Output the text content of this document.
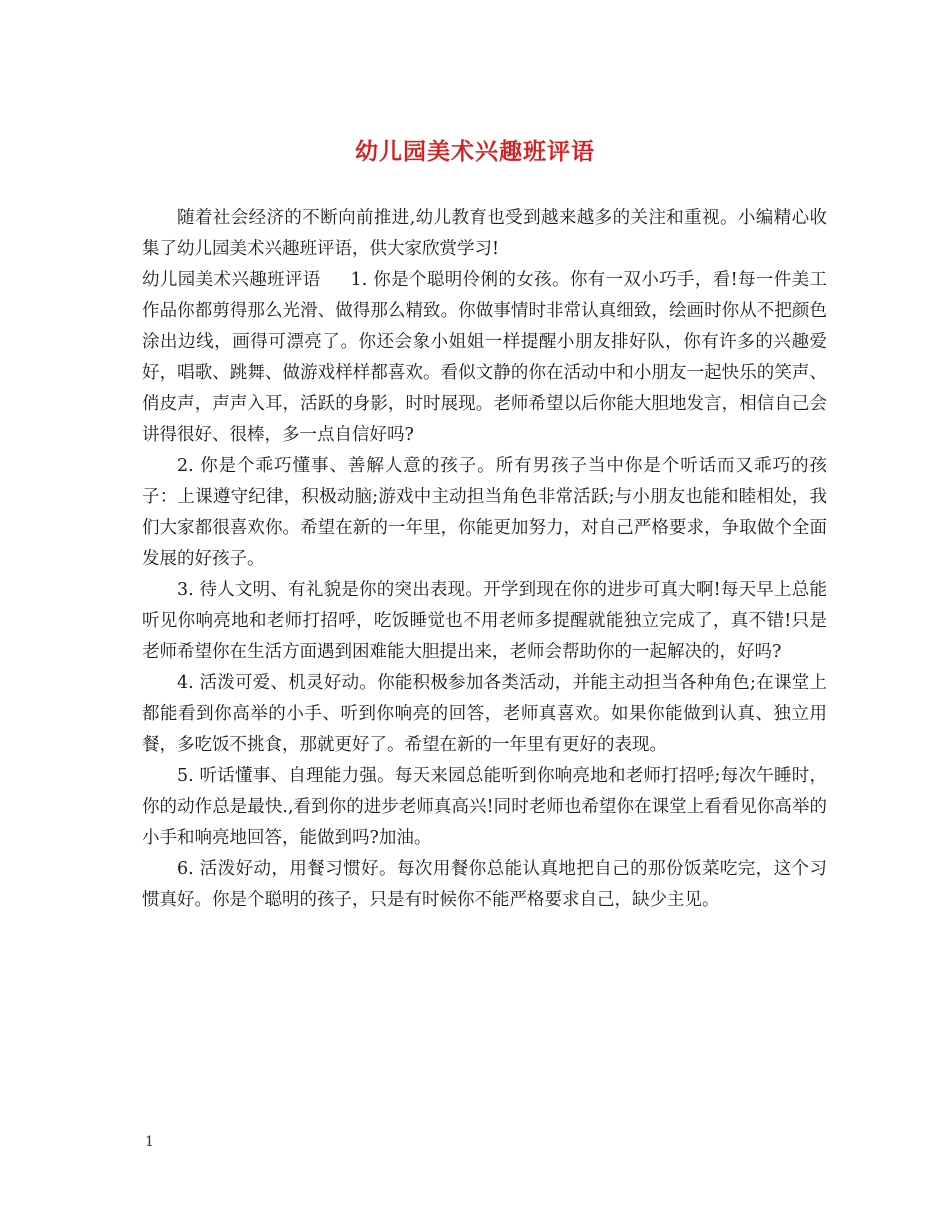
幼儿园美术兴趣班评语

随着社会经济的不断向前推进,幼儿教育也受到越来越多的关注和重视。小编精心收集了幼儿园美术兴趣班评语，供大家欣赏学习!

幼儿园美术兴趣班评语 1. 你是个聪明伶俐的女孩。你有一双小巧手，看!每一件美工作品你都剪得那么光滑、做得那么精致。你做事情时非常认真细致，绘画时你从不把颜色涂出边线，画得可漂亮了。你还会象小姐姐一样提醒小朋友排好队，你有许多的兴趣爱好，唱歌、跳舞、做游戏样样都喜欢。看似文静的你在活动中和小朋友一起快乐的笑声、俏皮声，声声入耳，活跃的身影，时时展现。老师希望以后你能大胆地发言，相信自己会讲得很好、很棒，多一点自信好吗?

2. 你是个乖巧懂事、善解人意的孩子。所有男孩子当中你是个听话而又乖巧的孩子：上课遵守纪律，积极动脑;游戏中主动担当角色非常活跃;与小朋友也能和睦相处，我们大家都很喜欢你。希望在新的一年里，你能更加努力，对自己严格要求，争取做个全面发展的好孩子。

3. 待人文明、有礼貌是你的突出表现。开学到现在你的进步可真大啊!每天早上总能听见你响亮地和老师打招呼，吃饭睡觉也不用老师多提醒就能独立完成了，真不错!只是老师希望你在生活方面遇到困难能大胆提出来，老师会帮助你的一起解决的，好吗?

4. 活泼可爱、机灵好动。你能积极参加各类活动，并能主动担当各种角色;在课堂上都能看到你高举的小手、听到你响亮的回答，老师真喜欢。如果你能做到认真、独立用餐，多吃饭不挑食，那就更好了。希望在新的一年里有更好的表现。

5. 听话懂事、自理能力强。每天来园总能听到你响亮地和老师打招呼;每次午睡时，你的动作总是最快.,看到你的进步老师真高兴!同时老师也希望你在课堂上看看见你高举的小手和响亮地回答，能做到吗?加油。

6. 活泼好动，用餐习惯好。每次用餐你总能认真地把自己的那份饭菜吃完，这个习惯真好。你是个聪明的孩子，只是有时候你不能严格要求自己，缺少主见。

1
